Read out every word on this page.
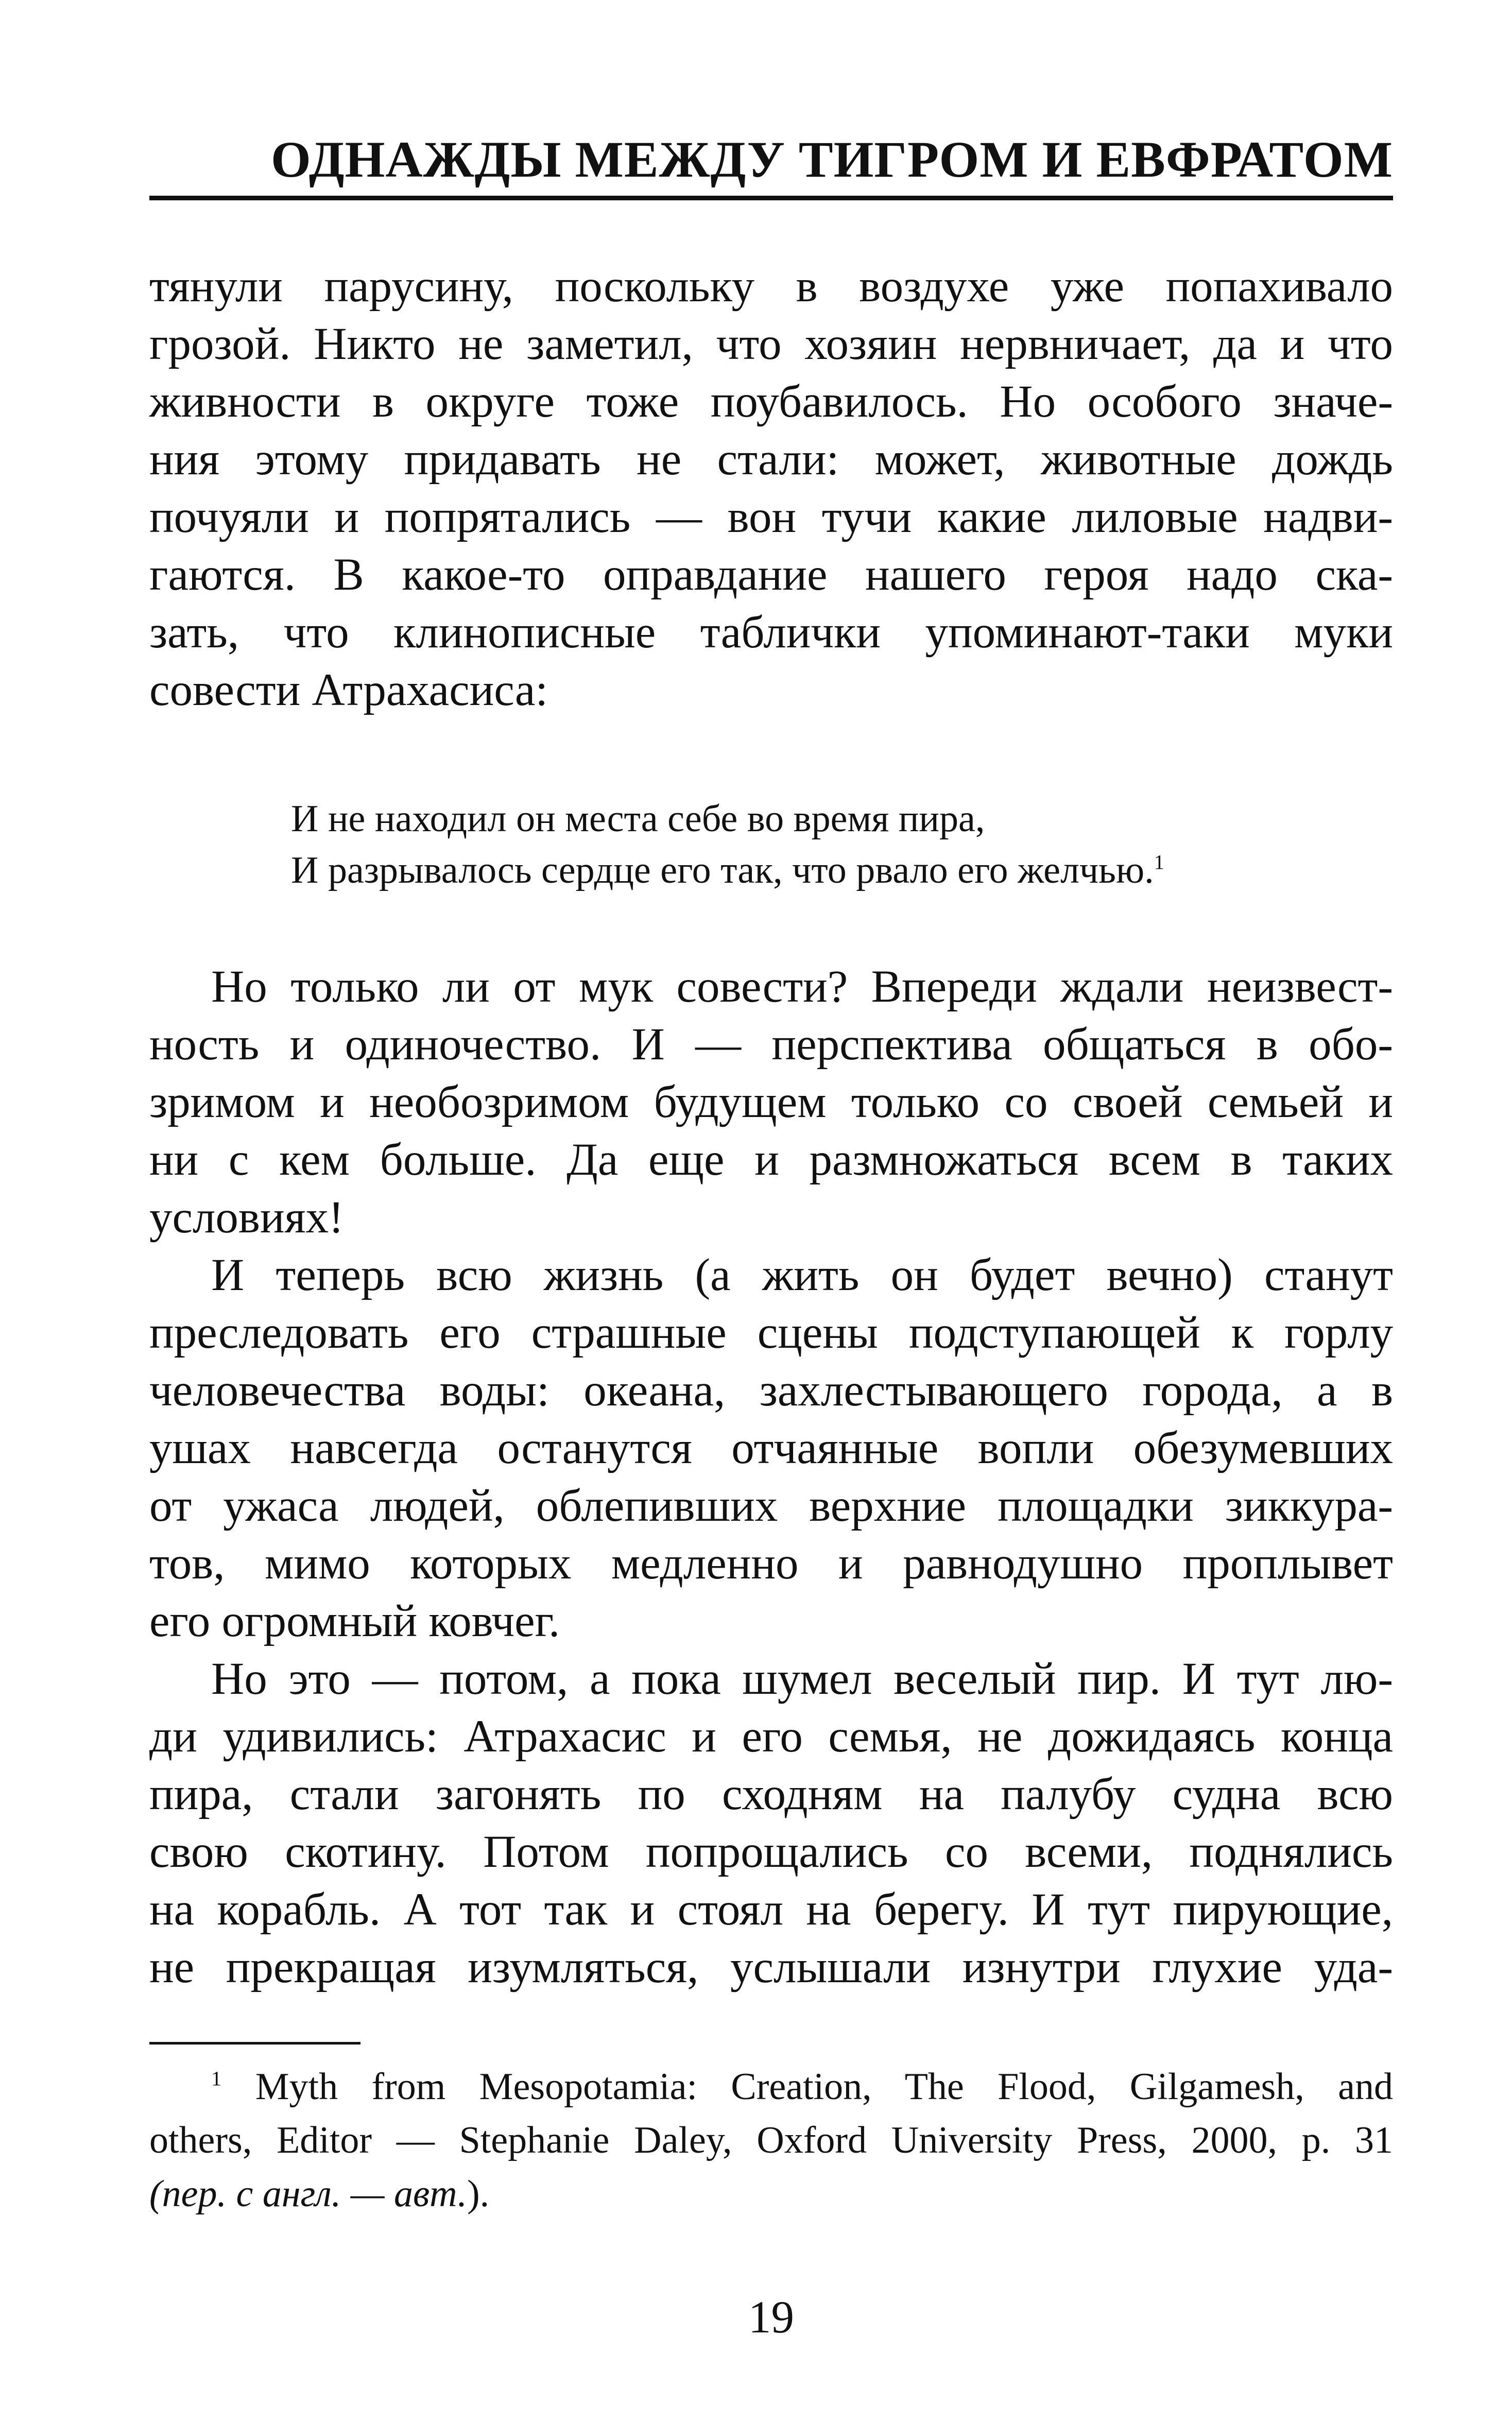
ОДНАЖДЫ МЕЖДУ ТИГРОМ И ЕВФРАТОМ
тянули парусину, поскольку в воздухе уже попахивало
грозой. Никто не заметил, что хозяин нервничает, да и что
живности в округе тоже поубавилось. Но особого значе-
ния этому придавать не стали: может, животные дождь
почуяли и попрятались — вон тучи какие лиловые надви-
гаются. В какое-то оправдание нашего героя надо ска-
зать, что клинописные таблички упоминают-таки муки
совести Атрахасиса:
И не находил он места себе во время пира,
И разрывалось сердце его так, что рвало его желчью.$^1$
Но только ли от мук совести? Впереди ждали неизвест-
ность и одиночество. И — перспектива общаться в обо-
зримом и необозримом будущем только со своей семьей и
ни с кем больше. Да еще и размножаться всем в таких
условиях!
И теперь всю жизнь (а жить он будет вечно) станут
преследовать его страшные сцены подступающей к горлу
человечества воды: океана, захлестывающего города, а в
ушах навсегда останутся отчаянные вопли обезумевших
от ужаса людей, облепивших верхние площадки зиккура-
тов, мимо которых медленно и равнодушно проплывет
его огромный ковчег.
Но это — потом, а пока шумел веселый пир. И тут лю-
ди удивились: Атрахасис и его семья, не дожидаясь конца
пира, стали загонять по сходням на палубу судна всю
свою скотину. Потом попрощались со всеми, поднялись
на корабль. А тот так и стоял на берегу. И тут пирующие,
не прекращая изумляться, услышали изнутри глухие уда-
$^1$ Myth from Mesopotamia: Creation, The Flood, Gilgamesh, and
others, Editor — Stephanie Daley, Oxford University Press, 2000, p. 31
(пер. с англ. — авт.).
19
